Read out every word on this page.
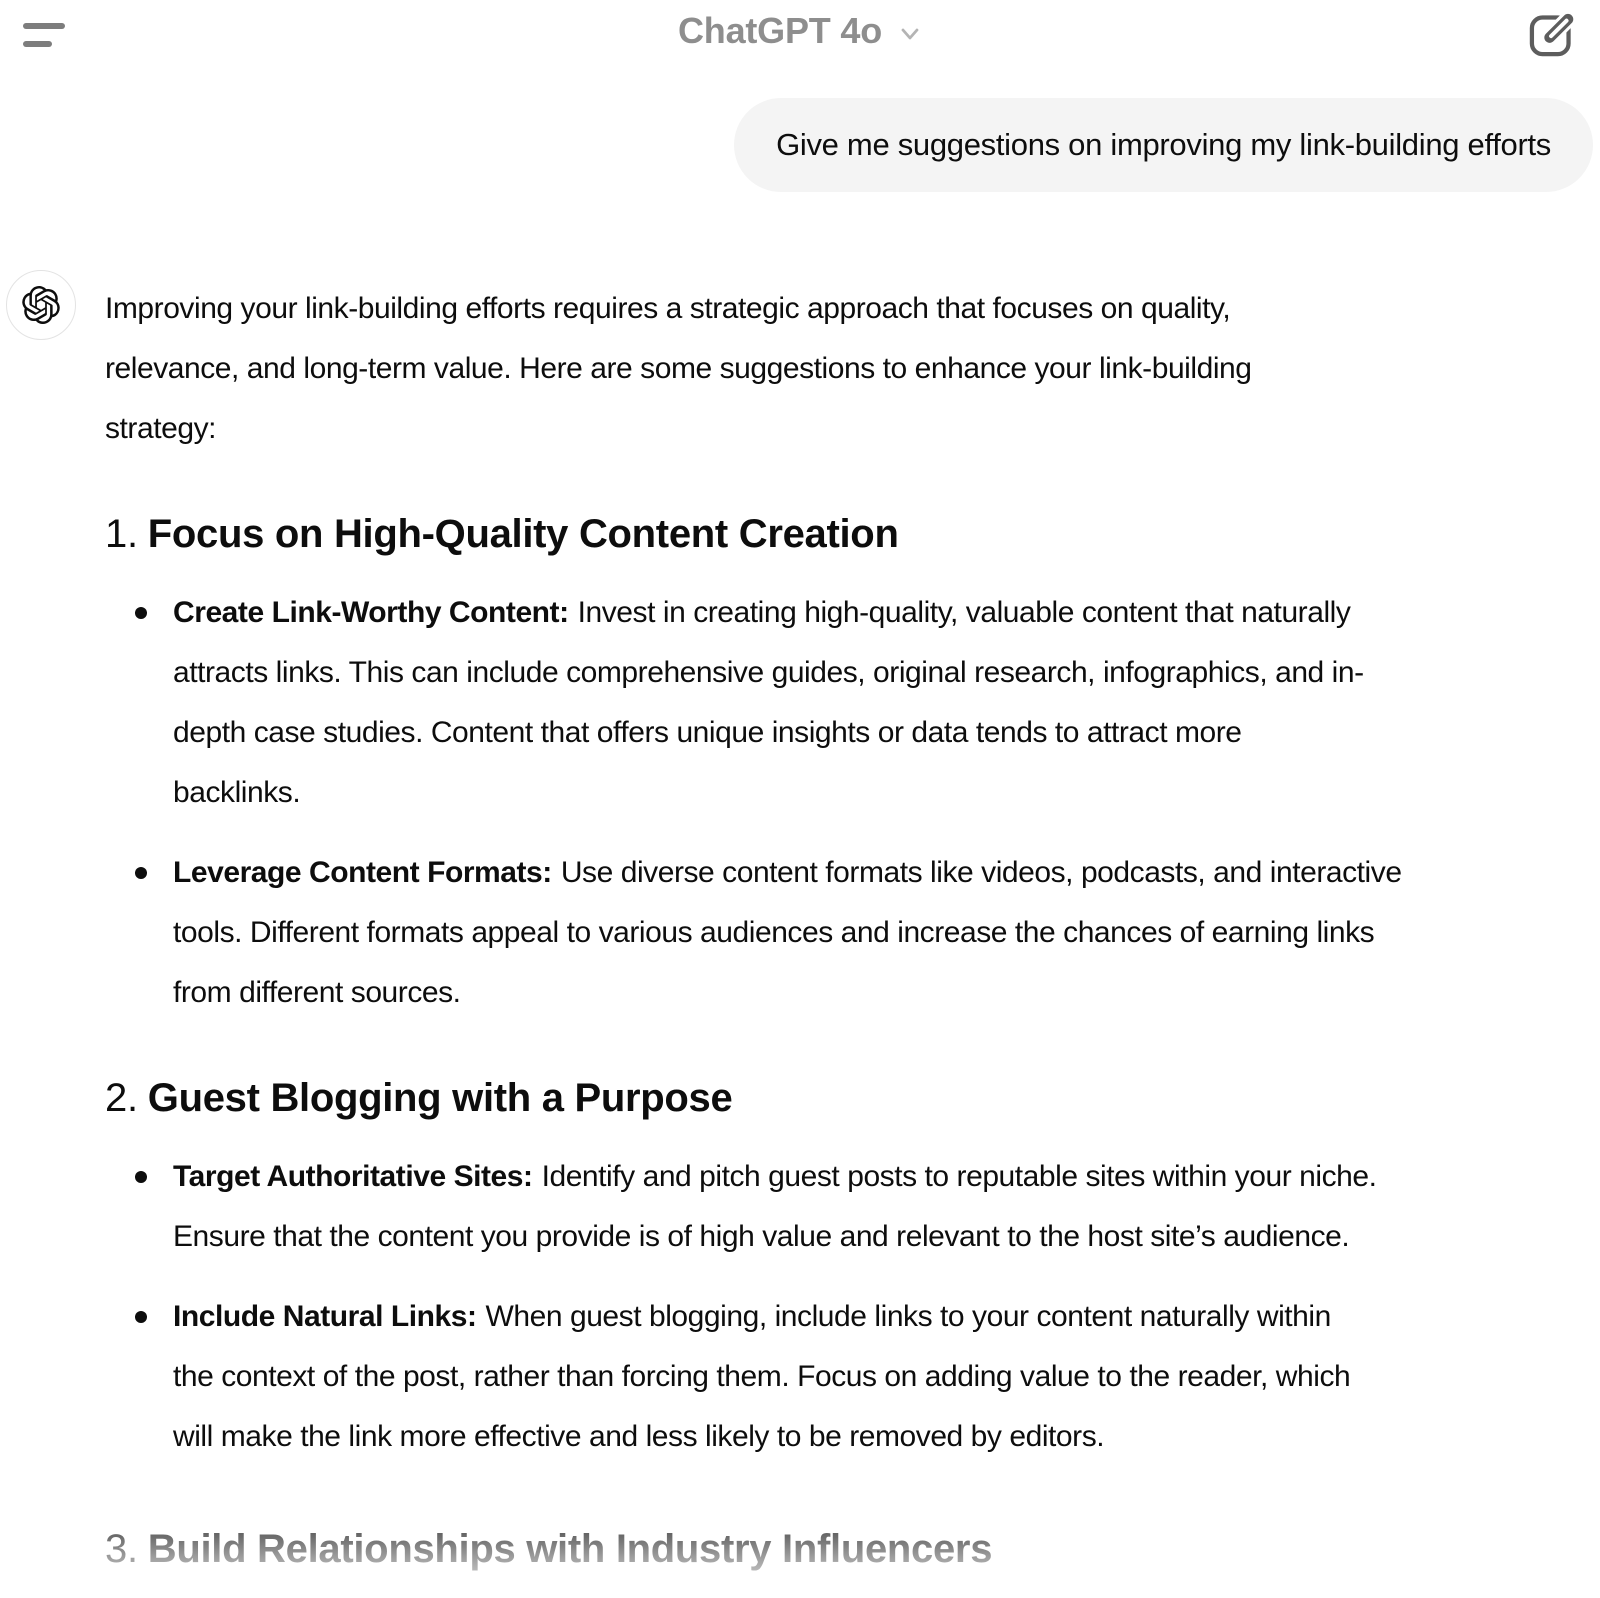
ChatGPT 4o
Give me suggestions on improving my link-building efforts
Improving your link-building efforts requires a strategic approach that focuses on quality,
relevance, and long-term value. Here are some suggestions to enhance your link-building
strategy:
1. Focus on High-Quality Content Creation
Create Link-Worthy Content: Invest in creating high-quality, valuable content that naturally
attracts links. This can include comprehensive guides, original research, infographics, and in-
depth case studies. Content that offers unique insights or data tends to attract more
backlinks.
Leverage Content Formats: Use diverse content formats like videos, podcasts, and interactive
tools. Different formats appeal to various audiences and increase the chances of earning links
from different sources.
2. Guest Blogging with a Purpose
Target Authoritative Sites: Identify and pitch guest posts to reputable sites within your niche.
Ensure that the content you provide is of high value and relevant to the host site’s audience.
Include Natural Links: When guest blogging, include links to your content naturally within
the context of the post, rather than forcing them. Focus on adding value to the reader, which
will make the link more effective and less likely to be removed by editors.
3. Build Relationships with Industry Influencers
